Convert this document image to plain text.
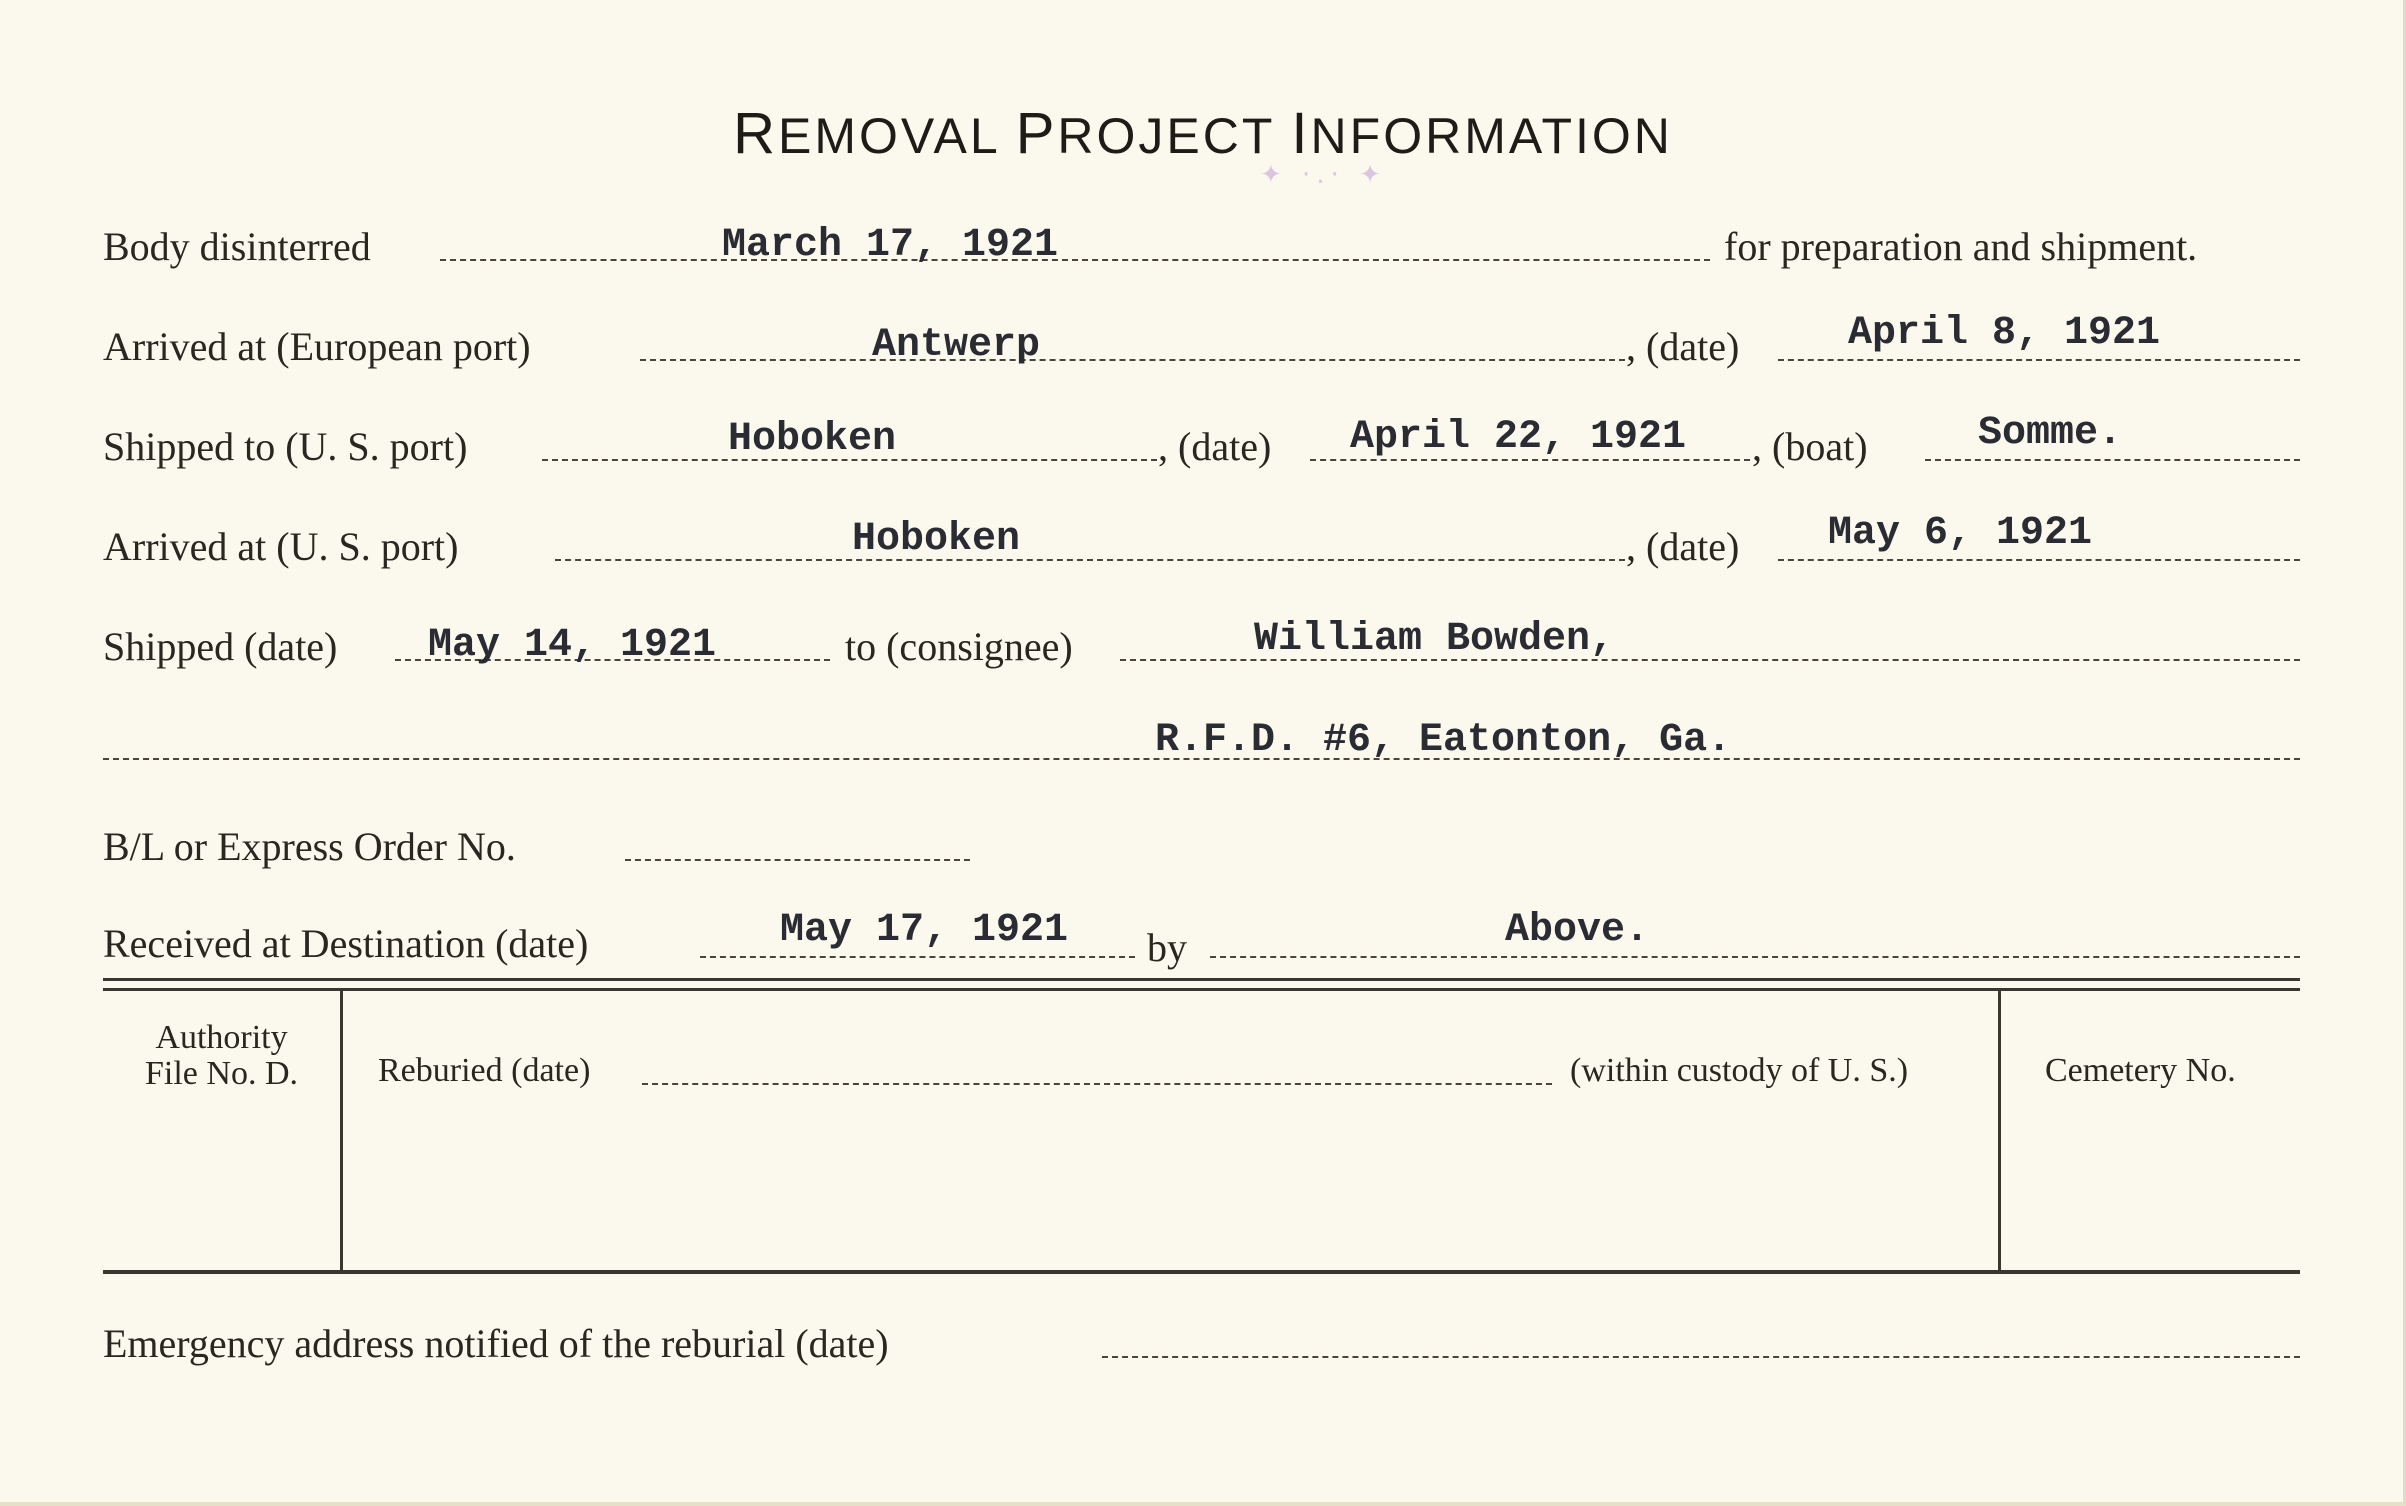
REMOVAL PROJECT INFORMATION
✦ ·.· ✦
Body disinterred	March 17, 1921	for preparation and shipment.
Arrived at (European port)	Antwerp	, (date)	April 8, 1921
Shipped to (U. S. port)	Hoboken	, (date) April 22, 1921 , (boat)	Somme.
Arrived at (U. S. port)	Hoboken	, (date) May 6, 1921
Shipped (date) May 14, 1921	to (consignee)	William Bowden,
R.F.D. #6, Eatonton, Ga.
B/L or Express Order No.
Received at Destination (date)	May 17, 1921 by	Above.
Authority
File No. D.	Reburied (date)	(within custody of U. S.)	Cemetery No.
Emergency address notified of the reburial (date)
